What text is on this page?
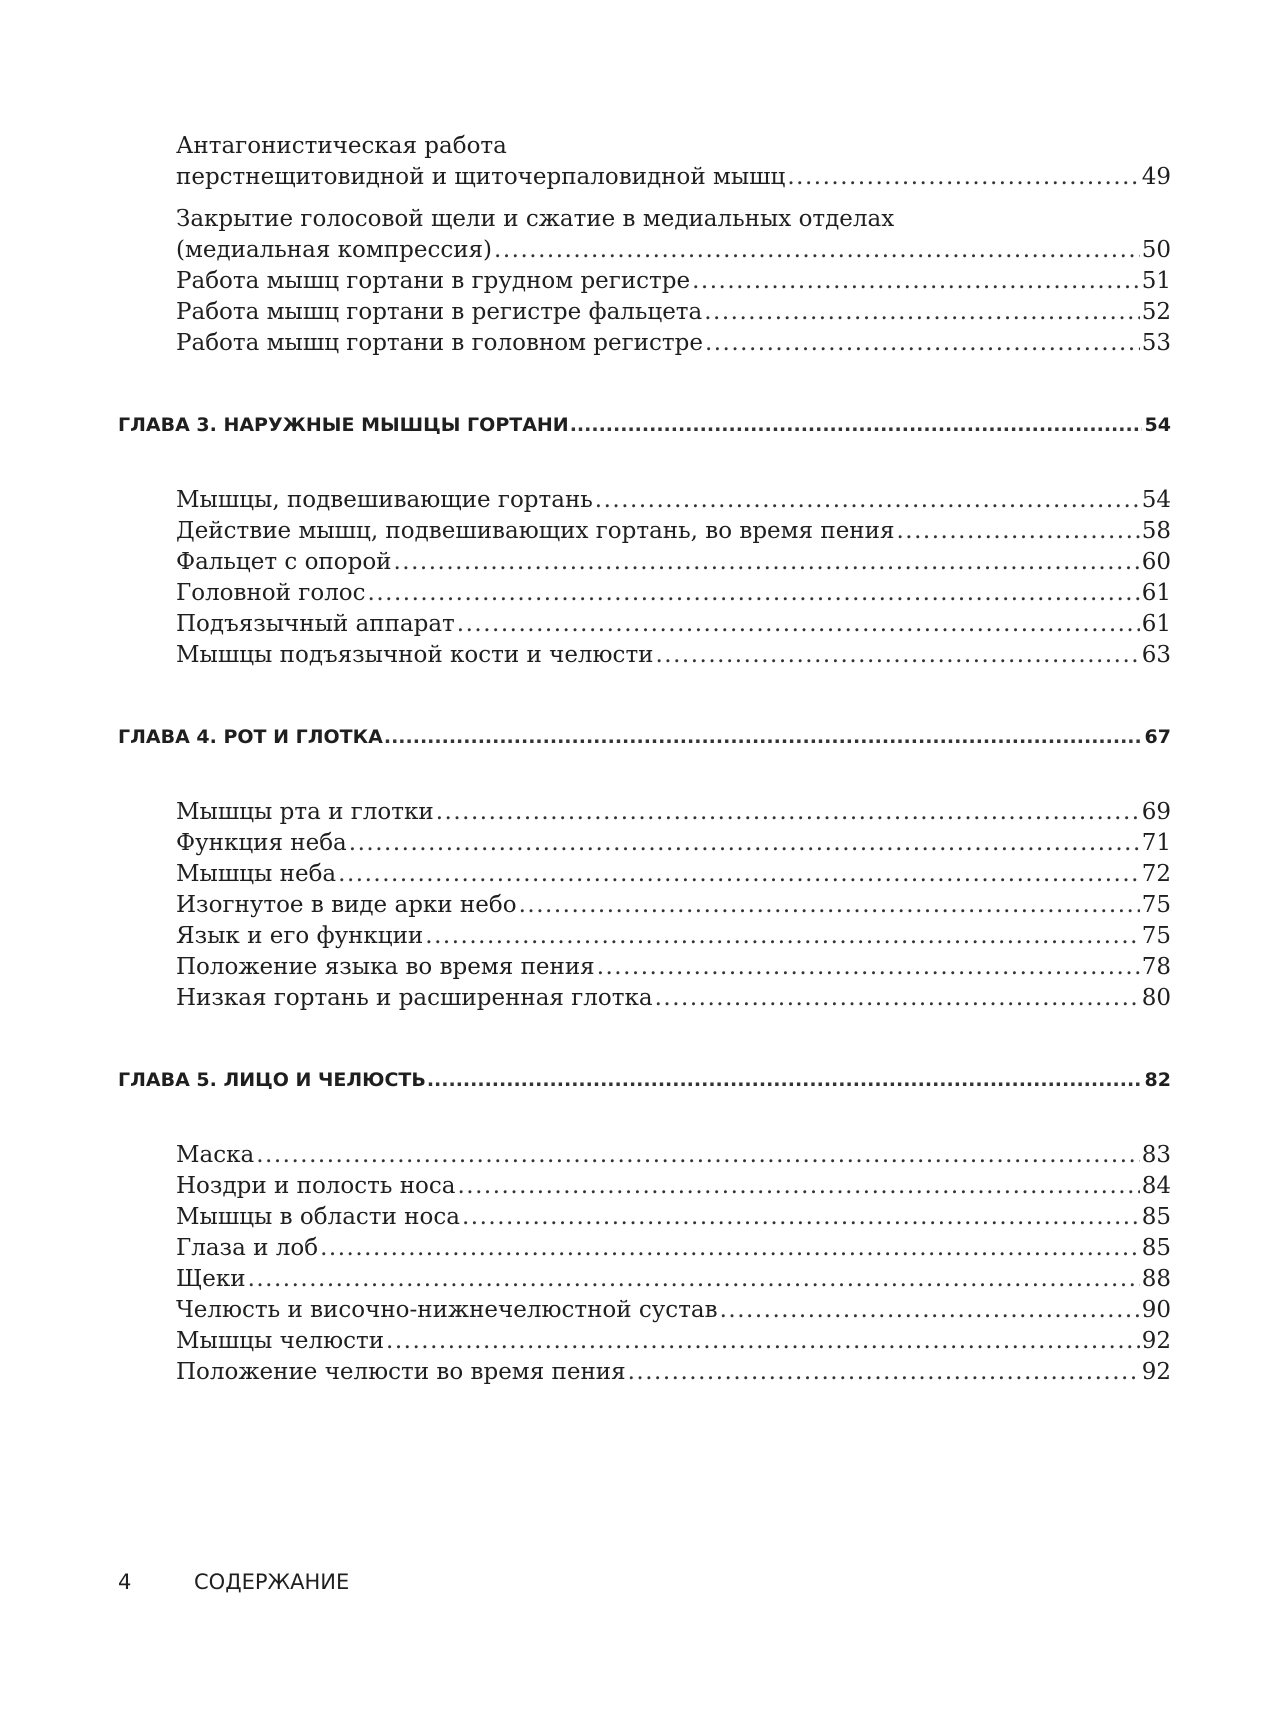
Антагонистическая работа
перстнещитовидной и щиточерпаловидной мышц .....	49
Закрытие голосовой щели и сжатие в медиальных отделах
(медиальная компрессия) .....	50
Работа мышц гортани в грудном регистре .....	51
Работа мышц гортани в регистре фальцета .....	52
Работа мышц гортани в головном регистре .....	53
ГЛАВА 3. НАРУЖНЫЕ МЫШЦЫ ГОРТАНИ .....	54
Мышцы, подвешивающие гортань .....	54
Действие мышц, подвешивающих гортань, во время пения .....	58
Фальцет с опорой .....	60
Головной голос .....	61
Подъязычный аппарат .....	61
Мышцы подъязычной кости и челюсти .....	63
ГЛАВА 4. РОТ И ГЛОТКА .....	67
Мышцы рта и глотки .....	69
Функция неба .....	71
Мышцы неба .....	72
Изогнутое в виде арки небо .....	75
Язык и его функции .....	75
Положение языка во время пения .....	78
Низкая гортань и расширенная глотка .....	80
ГЛАВА 5. ЛИЦО И ЧЕЛЮСТЬ .....	82
Маска .....	83
Ноздри и полость носа .....	84
Мышцы в области носа .....	85
Глаза и лоб .....	85
Щеки .....	88
Челюсть и височно-нижнечелюстной сустав .....	90
Мышцы челюсти .....	92
Положение челюсти во время пения .....	92
4	СОДЕРЖАНИЕ
